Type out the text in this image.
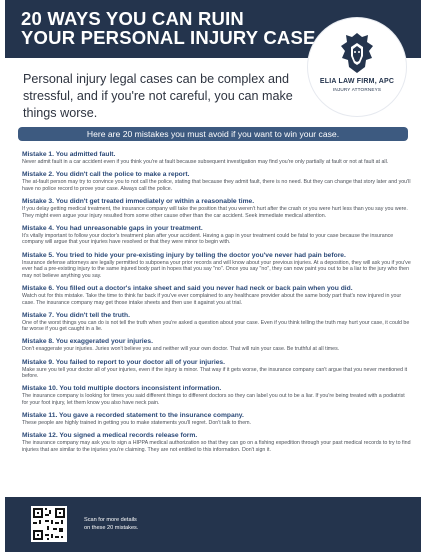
20 WAYS YOU CAN RUIN
YOUR PERSONAL INJURY CASE
ELIA LAW FIRM, APC
INJURY ATTORNEYS
Personal injury legal cases can be complex and stressful, and if you're not careful, you can make things worse.
Here are 20 mistakes you must avoid if you want to win your case.
Mistake 1. You admitted fault.
Never admit fault in a car accident even if you think you're at fault because subsequent investigation may find you're only partially at fault or not at fault at all.
Mistake 2. You didn't call the police to make a report.
The at-fault person may try to convince you to not call the police, stating that because they admit fault, there is no need. But they can change that story later and you'll have no police record to prove your case. Always call the police.
Mistake 3. You didn't get treated immediately or within a reasonable time.
If you delay getting medical treatment, the insurance company will take the position that you weren't hurt after the crash or you were hurt less than you say you were. They might even argue your injury resulted from some other cause other than the car accident. Seek immediate medical attention.
Mistake 4. You had unreasonable gaps in your treatment.
It's vitally important to follow your doctor's treatment plan after your accident. Having a gap in your treatment could be fatal to your case because the insurance company will argue that your injuries have resolved or that they were minor to begin with.
Mistake 5. You tried to hide your pre-existing injury by telling the doctor you've never had pain before.
Insurance defense attorneys are legally permitted to subpoena your prior records and will know about your previous injuries. At a deposition, they will ask you if you've ever had a pre-existing injury to the same injured body part in hopes that you say "no". Once you say "no", they can now paint you out to be a liar to the jury who then may not believe anything you say.
Mistake 6. You filled out a doctor's intake sheet and said you never had neck or back pain when you did.
Watch out for this mistake. Take the time to think far back if you've ever complained to any healthcare provider about the same body part that's now injured in your case. The insurance company may get those intake sheets and then use it against you at trial.
Mistake 7. You didn't tell the truth.
One of the worst things you can do is not tell the truth when you're asked a question about your case. Even if you think telling the truth may hurt your case, it could be far worse if you get caught in a lie.
Mistake 8. You exaggerated your injuries.
Don't exaggerate your injuries. Juries won't believe you and neither will your own doctor. That will ruin your case. Be truthful at all times.
Mistake 9. You failed to report to your doctor all of your injuries.
Make sure you tell your doctor all of your injuries, even if the injury is minor. That way if it gets worse, the insurance company can't argue that you never mentioned it before.
Mistake 10. You told multiple doctors inconsistent information.
The insurance company is looking for times you said different things to different doctors so they can label you out to be a liar. If you're being treated with a podiatrist for your foot injury, let them know you also have neck pain.
Mistake 11. You gave a recorded statement to the insurance company.
These people are highly trained in getting you to make statements you'll regret. Don't talk to them.
Mistake 12. You signed a medical records release form.
The insurance company may ask you to sign a HIPPA medical authorization so that they can go on a fishing expedition through your past medical records to try to find injuries that are similar to the injuries you're claiming. They are not entitled to this information. Don't sign it.
Scan for more details
on these 20 mistakes.
